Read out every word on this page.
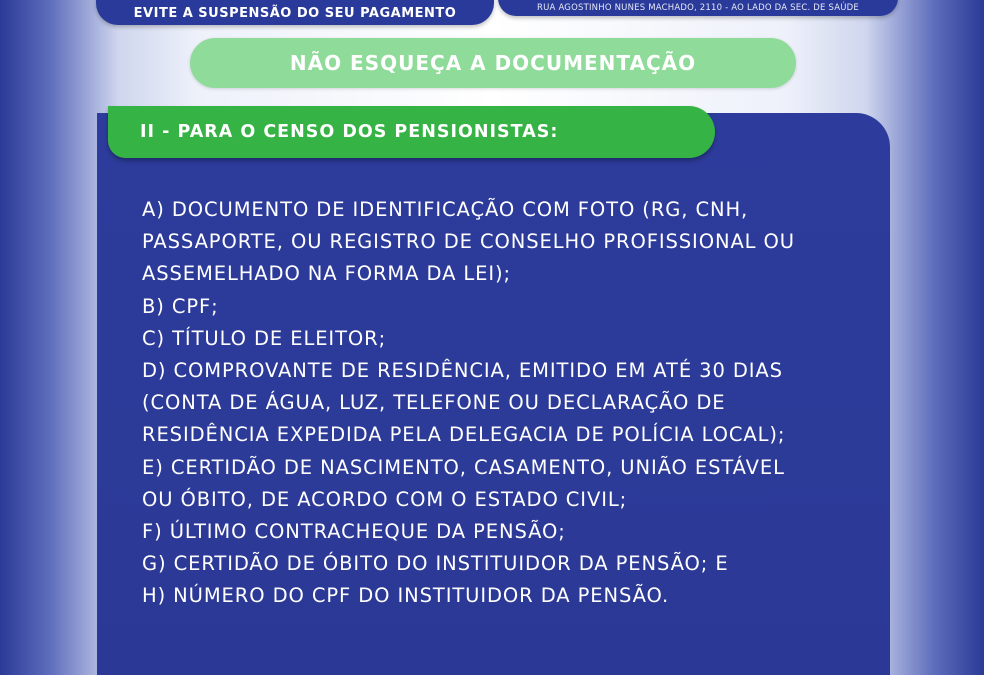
EVITE A SUSPENSÃO DO SEU PAGAMENTO	RUA AGOSTINHO NUNES MACHADO, 2110 - AO LADO DA SEC. DE SAÚDE
NÃO ESQUEÇA A DOCUMENTAÇÃO
II - PARA O CENSO DOS PENSIONISTAS:
A) DOCUMENTO DE IDENTIFICAÇÃO COM FOTO (RG, CNH,
PASSAPORTE, OU REGISTRO DE CONSELHO PROFISSIONAL OU
ASSEMELHADO NA FORMA DA LEI);
B) CPF;
C) TÍTULO DE ELEITOR;
D) COMPROVANTE DE RESIDÊNCIA, EMITIDO EM ATÉ 30 DIAS
(CONTA DE ÁGUA, LUZ, TELEFONE OU DECLARAÇÃO DE
RESIDÊNCIA EXPEDIDA PELA DELEGACIA DE POLÍCIA LOCAL);
E) CERTIDÃO DE NASCIMENTO, CASAMENTO, UNIÃO ESTÁVEL
OU ÓBITO, DE ACORDO COM O ESTADO CIVIL;
F) ÚLTIMO CONTRACHEQUE DA PENSÃO;
G) CERTIDÃO DE ÓBITO DO INSTITUIDOR DA PENSÃO; E
H) NÚMERO DO CPF DO INSTITUIDOR DA PENSÃO.
